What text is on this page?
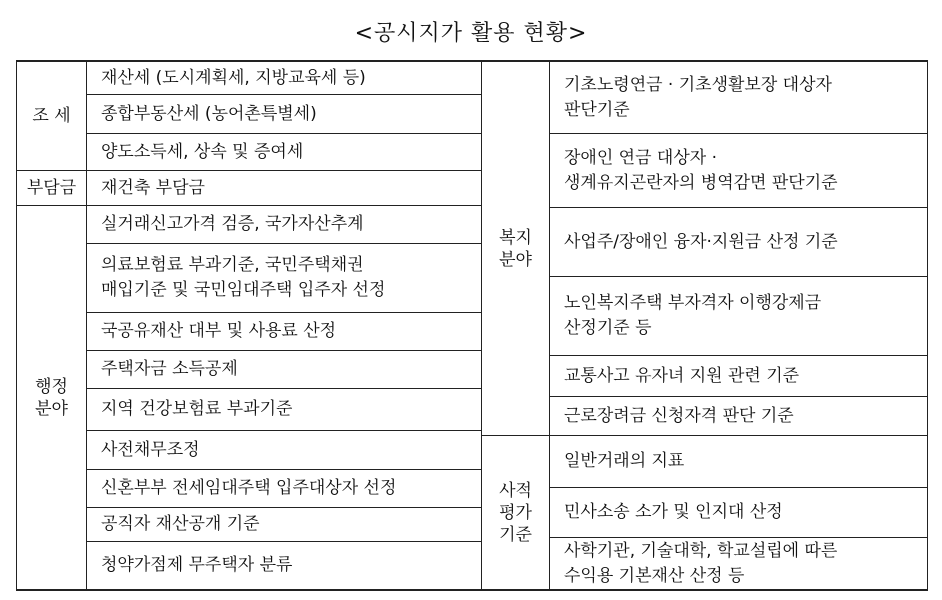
<공시지가 활용 현황>
조 세
부담금
행정
분야
재산세 (도시계획세, 지방교육세 등)
종합부동산세 (농어촌특별세)
양도소득세, 상속 및 증여세
재건축 부담금
실거래신고가격 검증, 국가자산추계
의료보험료 부과기준, 국민주택채권
매입기준 및 국민임대주택 입주자 선정
국공유재산 대부 및 사용료 산정
주택자금 소득공제
지역 건강보험료 부과기준
사전채무조정
신혼부부 전세임대주택 입주대상자 선정
공직자 재산공개 기준
청약가점제 무주택자 분류
복지
분야
사적
평가
기준
기초노령연금 · 기초생활보장 대상자
판단기준
장애인 연금 대상자 ·
생계유지곤란자의 병역감면 판단기준
사업주/장애인 융자·지원금 산정 기준
노인복지주택 부자격자 이행강제금
산정기준 등
교통사고 유자녀 지원 관련 기준
근로장려금 신청자격 판단 기준
일반거래의 지표
민사소송 소가 및 인지대 산정
사학기관, 기술대학, 학교설립에 따른
수익용 기본재산 산정 등
